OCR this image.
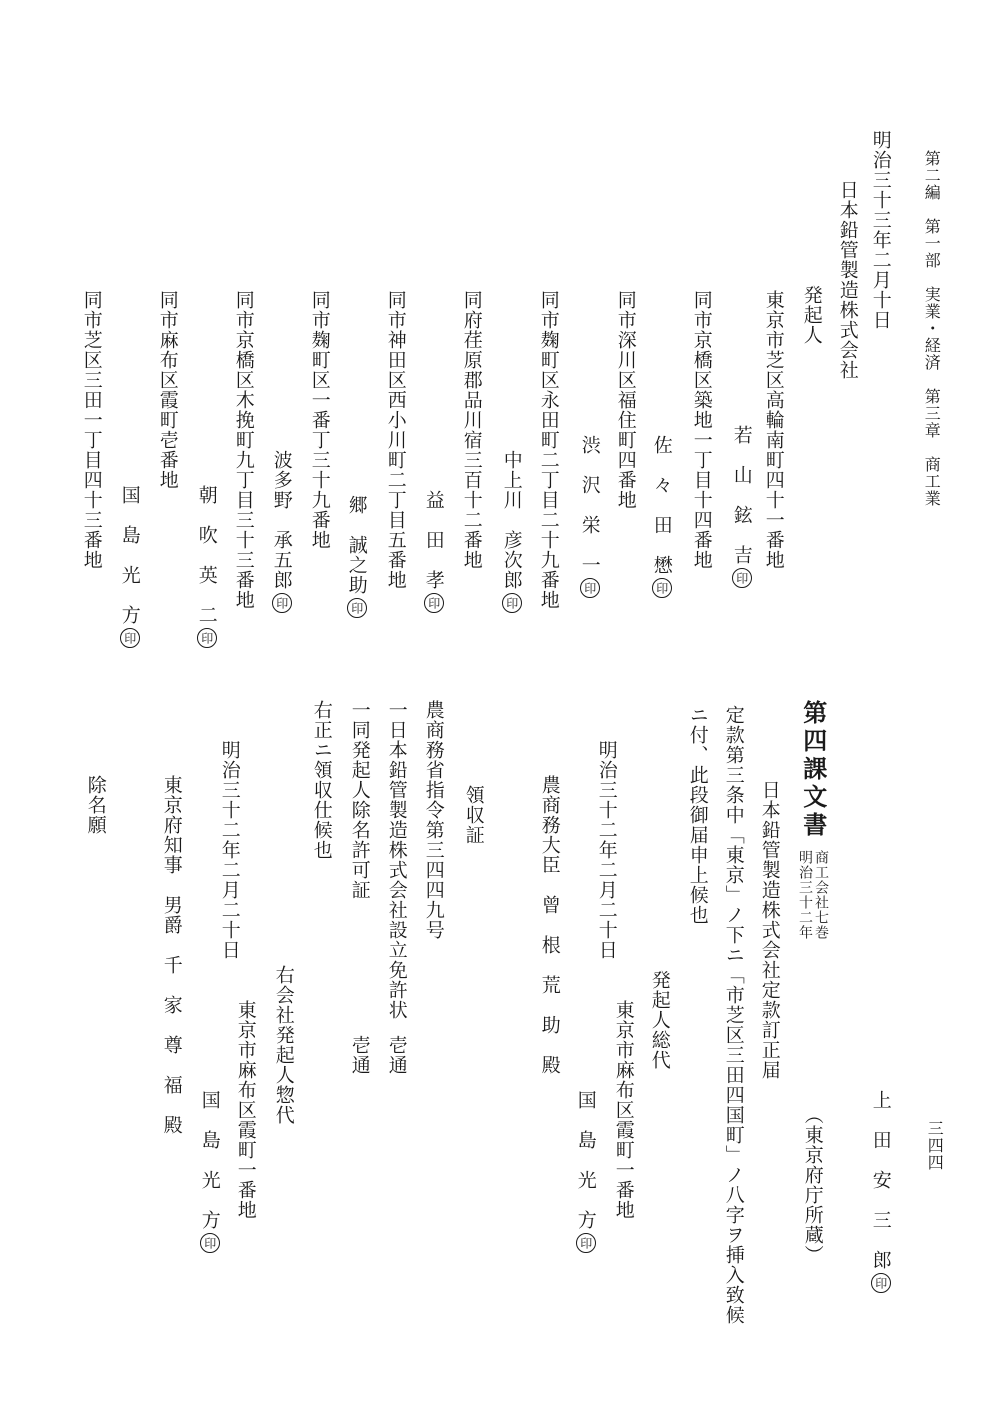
第二編　第一部　実業・経済　第三章　商工業
明治三十三年二月十日
日本鉛管製造株式会社
発起人
東京市芝区高輪南町四十一番地
若　山　鉉　吉印
同市京橋区築地一丁目十四番地
佐　々　田　懋印
同市深川区福住町四番地
渋　沢　栄　一印
同市麹町区永田町二丁目二十九番地
中上川　彦次郎印
同府荏原郡品川宿三百十二番地
益　田　孝印
同市神田区西小川町二丁目五番地
郷　誠之助印
同市麹町区一番丁三十九番地
波多野　承五郎印
同市京橋区木挽町九丁目三十三番地
朝　吹　英　二印
同市麻布区霞町壱番地
国　島　光　方印
同市芝区三田一丁目四十三番地
三四四
上　田　安　三　郎印
第四課文書
商工会社七巻
明治三十二年
（東京府庁所蔵）
日本鉛管製造株式会社定款訂正届
定款第三条中「東京」ノ下ニ「市芝区三田四国町」ノ八字ヲ挿入致候
ニ付、此段御届申上候也
発起人総代
東京市麻布区霞町一番地
明治三十二年二月二十日
国　島　光　方印
農商務大臣　曾　根　荒　助　殿
領収証
農商務省指令第三四四九号
一日本鉛管製造株式会社設立免許状
壱通
一同発起人除名許可証
壱通
右正ニ領収仕候也
右会社発起人惣代
東京市麻布区霞町一番地
国　島　光　方印
明治三十二年二月二十日
東京府知事　男爵　千　家　尊　福　殿
除名願
